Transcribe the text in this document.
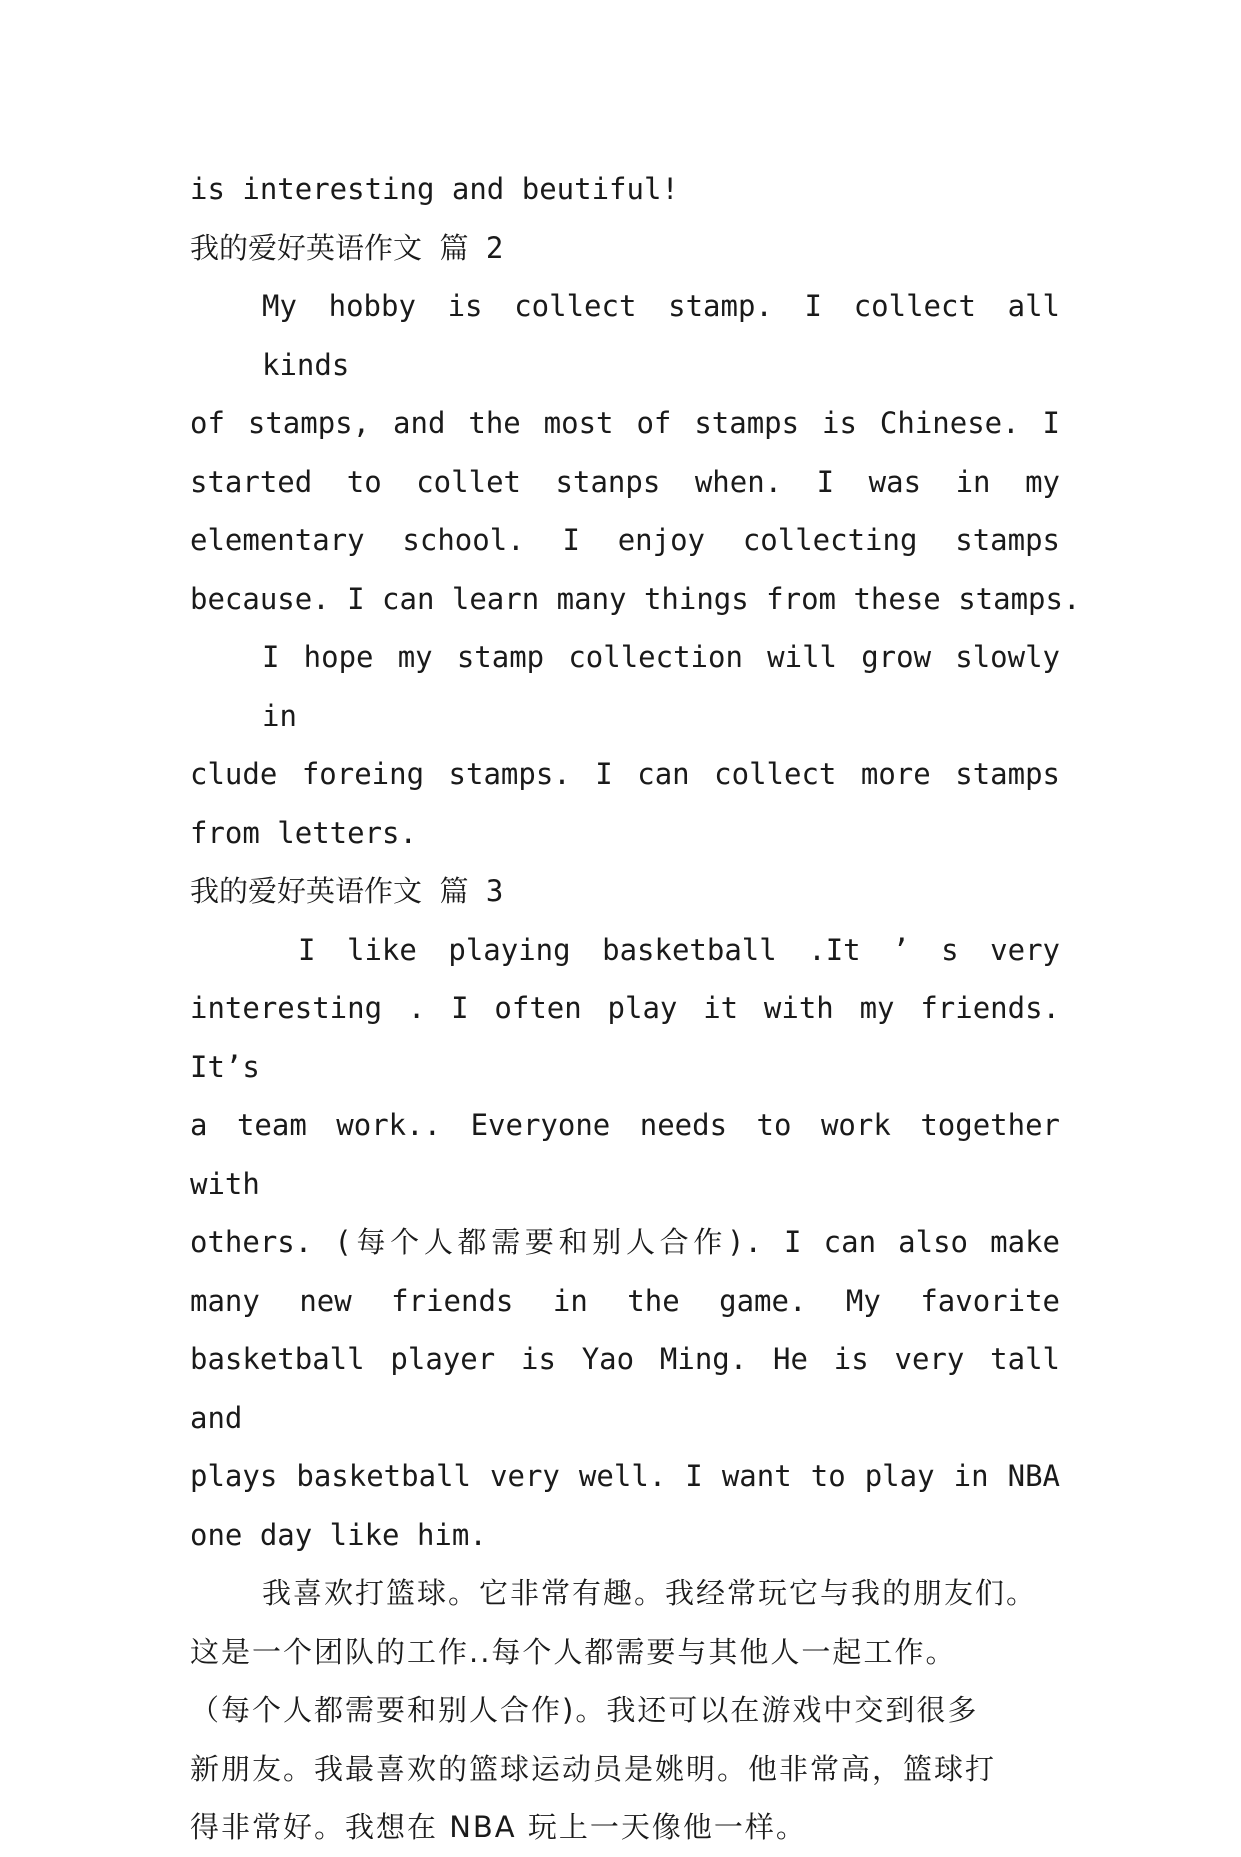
is interesting and beutiful!
我的爱好英语作文 篇 2
My hobby is collect stamp. I collect all kinds
of stamps, and the most of stamps is Chinese. I
started to collet stanps when. I was in my
elementary school. I enjoy collecting stamps
because. I can learn many things from these stamps.
I hope my stamp collection will grow slowly in
clude foreing stamps. I can collect more stamps
from letters.
我的爱好英语作文 篇 3
I like playing basketball .It ’ s very
interesting . I often play it with my friends. It’s
a team work.. Everyone needs to work together with
others. (每个人都需要和别人合作). I can also make
many new friends in the game. My favorite
basketball player is Yao Ming. He is very tall and
plays basketball very well. I want to play in NBA
one day like him.
我喜欢打篮球。它非常有趣。我经常玩它与我的朋友们。
这是一个团队的工作..每个人都需要与其他人一起工作。
（每个人都需要和别人合作)。我还可以在游戏中交到很多
新朋友。我最喜欢的篮球运动员是姚明。他非常高，篮球打
得非常好。我想在 NBA 玩上一天像他一样。
